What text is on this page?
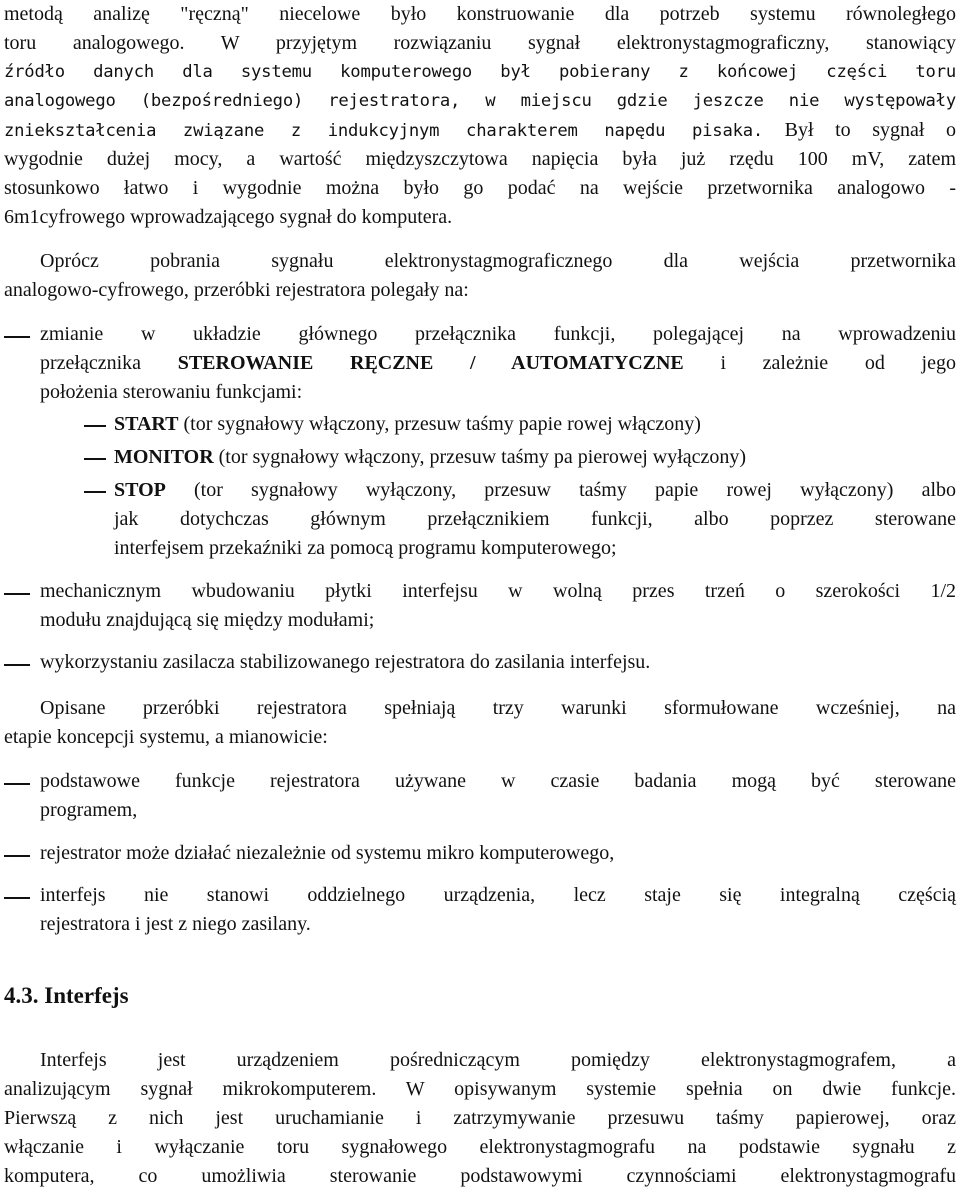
metodą analizę "ręczną" niecelowe było konstruowanie dla potrzeb systemu równoległego
toru analogowego. W przyjętym rozwiązaniu sygnał elektronystagmograficzny, stanowiący
źródło danych dla systemu komputerowego był pobierany z końcowej części toru
analogowego (bezpośredniego) rejestratora, w miejscu gdzie jeszcze nie występowały
zniekształcenia związane z indukcyjnym charakterem napędu pisaka. Był to sygnał o
wygodnie dużej mocy, a wartość międzyszczytowa napięcia była już rzędu 100 mV, zatem
stosunkowo łatwo i wygodnie można było go podać na wejście przetwornika analogowo -
6m1cyfrowego wprowadzającego sygnał do komputera.
Oprócz pobrania sygnału elektronystagmograficznego dla wejścia przetwornika
analogowo-cyfrowego, przeróbki rejestratora polegały na:
zmianie w układzie głównego przełącznika funkcji, polegającej na wprowadzeniu
przełącznika STEROWANIE RĘCZNE / AUTOMATYCZNE i zależnie od jego
położenia sterowaniu funkcjami:
START (tor sygnałowy włączony, przesuw taśmy papie rowej włączony)
MONITOR (tor sygnałowy włączony, przesuw taśmy pa pierowej wyłączony)
STOP (tor sygnałowy wyłączony, przesuw taśmy papie rowej wyłączony) albo
jak dotychczas głównym przełącznikiem funkcji, albo poprzez sterowane
interfejsem przekaźniki za pomocą programu komputerowego;
mechanicznym wbudowaniu płytki interfejsu w wolną przes trzeń o szerokości 1/2
modułu znajdującą się między modułami;
wykorzystaniu zasilacza stabilizowanego rejestratora do zasilania interfejsu.
Opisane przeróbki rejestratora spełniają trzy warunki sformułowane wcześniej, na
etapie koncepcji systemu, a mianowicie:
podstawowe funkcje rejestratora używane w czasie badania mogą być sterowane
programem,
rejestrator może działać niezależnie od systemu mikro komputerowego,
interfejs nie stanowi oddzielnego urządzenia, lecz staje się integralną częścią
rejestratora i jest z niego zasilany.
4.3. Interfejs
Interfejs jest urządzeniem pośredniczącym pomiędzy elektronystagmografem, a
analizującym sygnał mikrokomputerem. W opisywanym systemie spełnia on dwie funkcje.
Pierwszą z nich jest uruchamianie i zatrzymywanie przesuwu taśmy papierowej, oraz
włączanie i wyłączanie toru sygnałowego elektronystagmografu na podstawie sygnału z
komputera, co umożliwia sterowanie podstawowymi czynnościami elektronystagmografu
